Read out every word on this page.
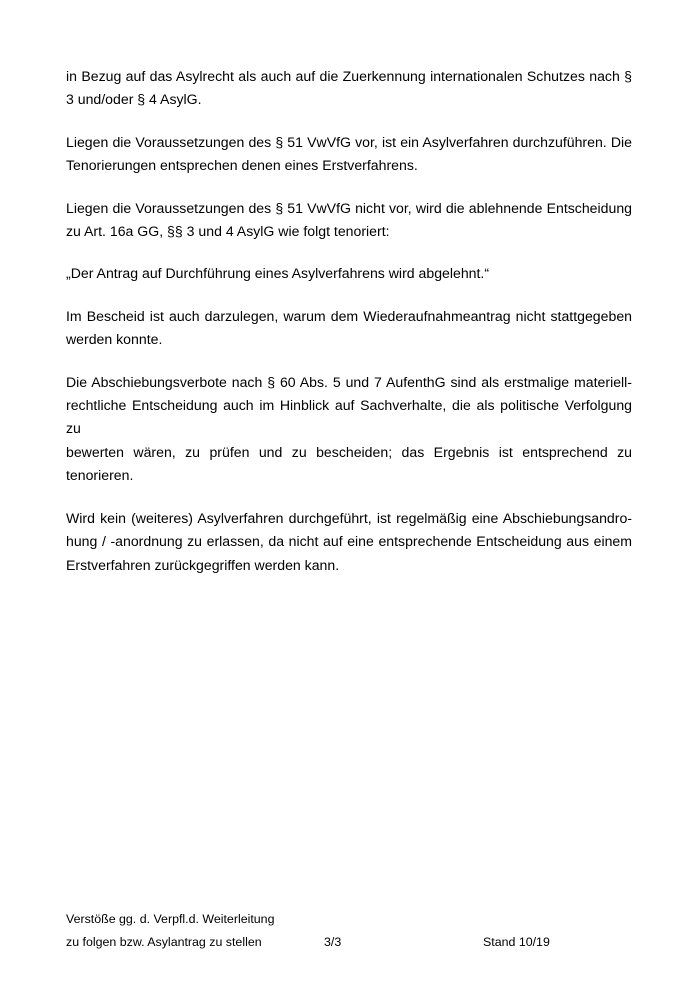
in Bezug auf das Asylrecht als auch auf die Zuerkennung internationalen Schutzes nach §
3 und/oder § 4 AsylG.

Liegen die Voraussetzungen des § 51 VwVfG vor, ist ein Asylverfahren durchzuführen. Die
Tenorierungen entsprechen denen eines Erstverfahrens.

Liegen die Voraussetzungen des § 51 VwVfG nicht vor, wird die ablehnende Entscheidung
zu Art. 16a GG, §§ 3 und 4 AsylG wie folgt tenoriert:

„Der Antrag auf Durchführung eines Asylverfahrens wird abgelehnt.“

Im Bescheid ist auch darzulegen, warum dem Wiederaufnahmeantrag nicht stattgegeben
werden konnte.

Die Abschiebungsverbote nach § 60 Abs. 5 und 7 AufenthG sind als erstmalige materiell-
rechtliche Entscheidung auch im Hinblick auf Sachverhalte, die als politische Verfolgung zu
bewerten wären, zu prüfen und zu bescheiden; das Ergebnis ist entsprechend zu tenorieren.

Wird kein (weiteres) Asylverfahren durchgeführt, ist regelmäßig eine Abschiebungsandro-
hung / -anordnung zu erlassen, da nicht auf eine entsprechende Entscheidung aus einem
Erstverfahren zurückgegriffen werden kann.

Verstöße gg. d. Verpfl.d. Weiterleitung
zu folgen bzw. Asylantrag zu stellen	3/3	Stand 10/19
